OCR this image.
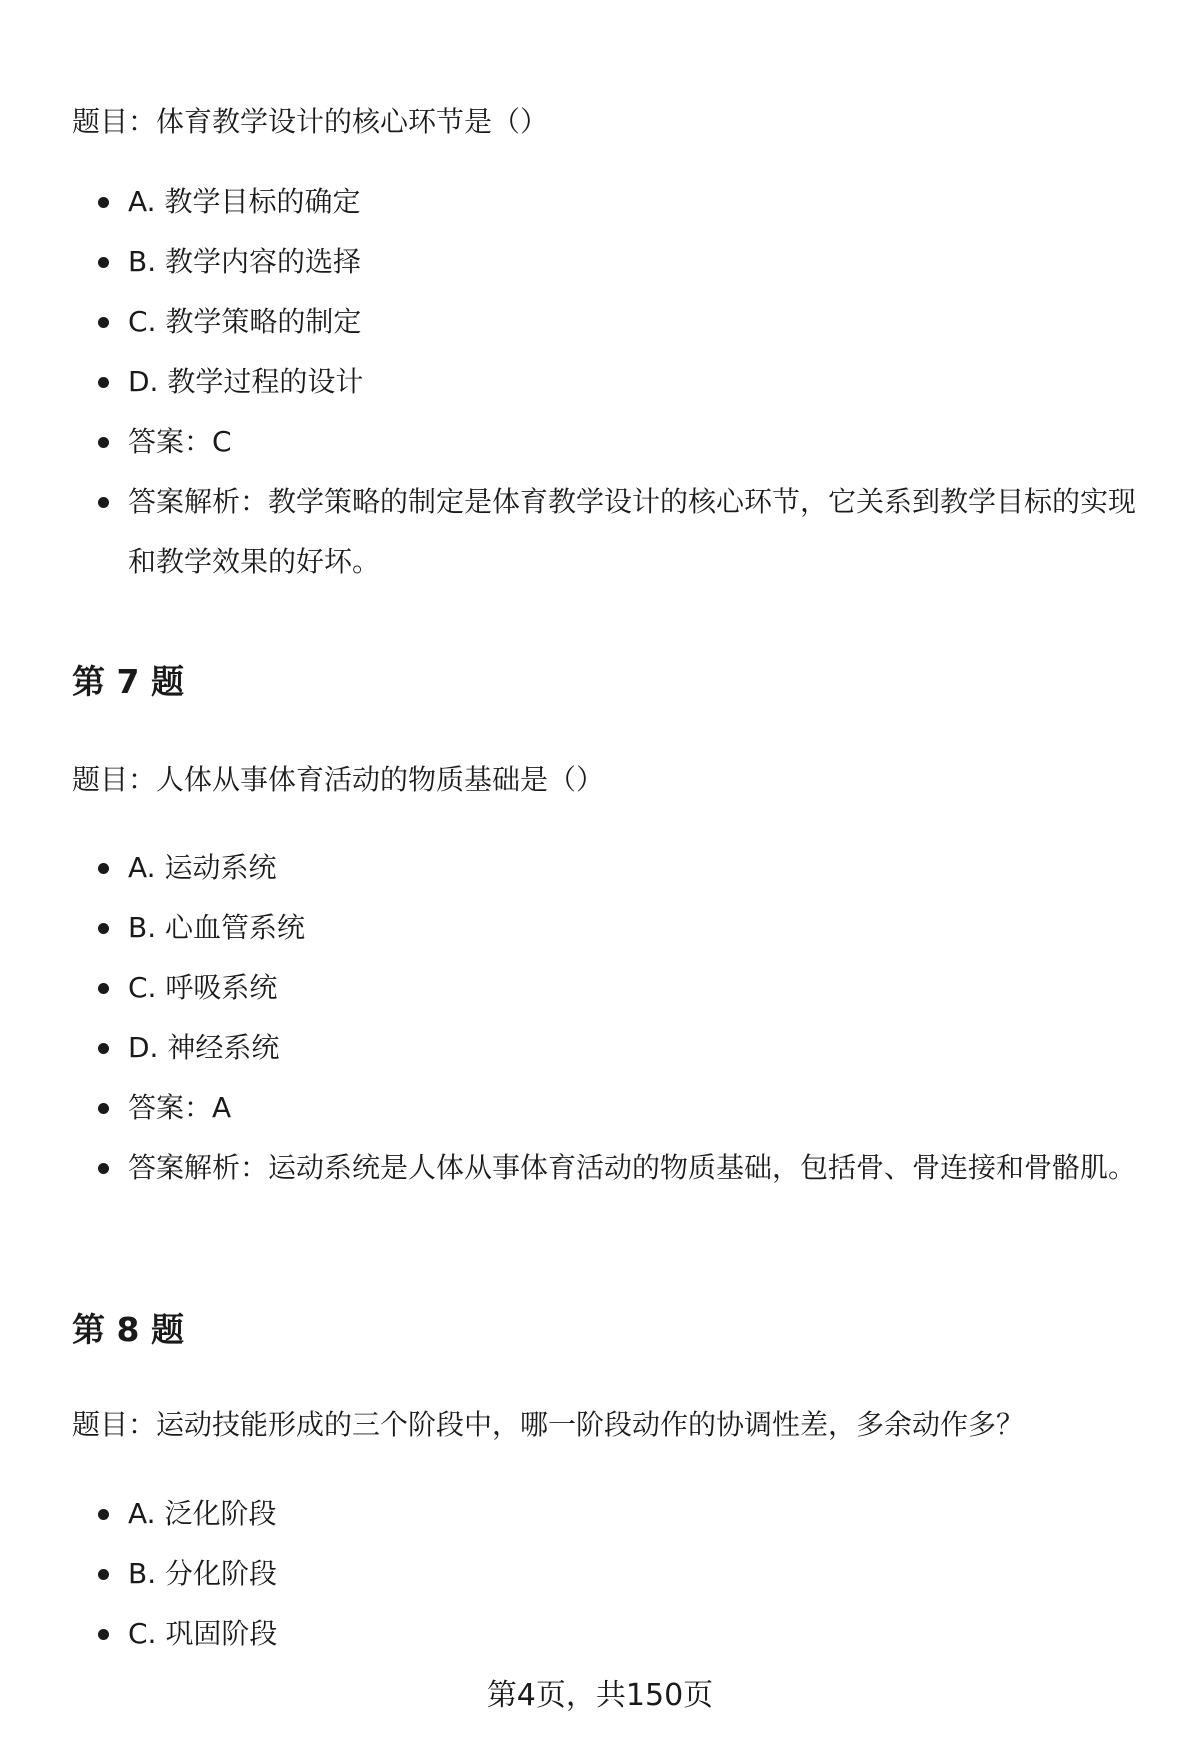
题目：体育教学设计的核心环节是（）
A. 教学目标的确定
B. 教学内容的选择
C. 教学策略的制定
D. 教学过程的设计
答案：C
答案解析：教学策略的制定是体育教学设计的核心环节，它关系到教学目标的实现和教学效果的好坏。
第 7 题
题目：人体从事体育活动的物质基础是（）
A. 运动系统
B. 心血管系统
C. 呼吸系统
D. 神经系统
答案：A
答案解析：运动系统是人体从事体育活动的物质基础，包括骨、骨连接和骨骼肌。
第 8 题
题目：运动技能形成的三个阶段中，哪一阶段动作的协调性差，多余动作多？
A. 泛化阶段
B. 分化阶段
C. 巩固阶段
第4页，共150页
